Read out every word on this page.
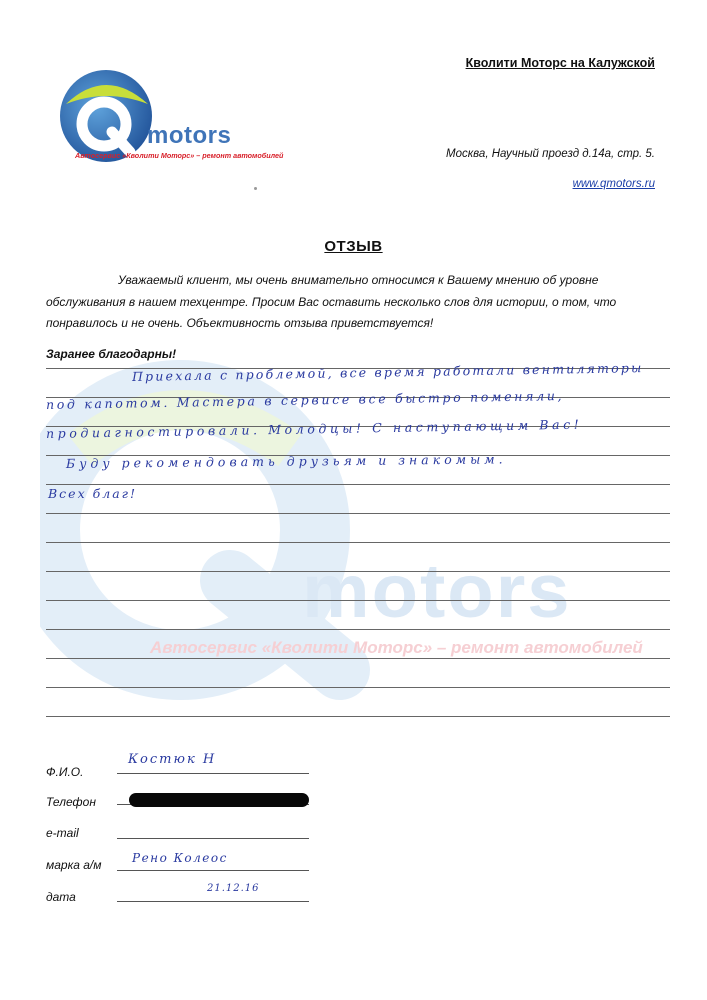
motors
Автосервис «Кволити Моторс» – ремонт автомобилей
motors
Автосервис «Кволити Моторс» – ремонт автомобилей
Кволити Моторс на Калужской
Москва, Научный проезд д.14а, стр. 5.
www.qmotors.ru
ОТЗЫВ
Уважаемый клиент, мы очень внимательно относимся к Вашему мнению об уровне обслуживания в нашем техцентре. Просим Вас оставить несколько слов для истории, о том, что понравилось и не очень. Объективность отзыва приветствуется!
Заранее благодарны!
Приехала с проблемой, все время работали вентиляторы
под капотом. Мастера в сервисе все быстро поменяли,
продиагностировали. Молодцы! С наступающим Вас!
Буду рекомендовать друзьям и знакомым.
Всех благ!
Ф.И.О.
Костюк Н
Телефон
e-mail
марка а/м	Рено Колеос
дата
21.12.16
